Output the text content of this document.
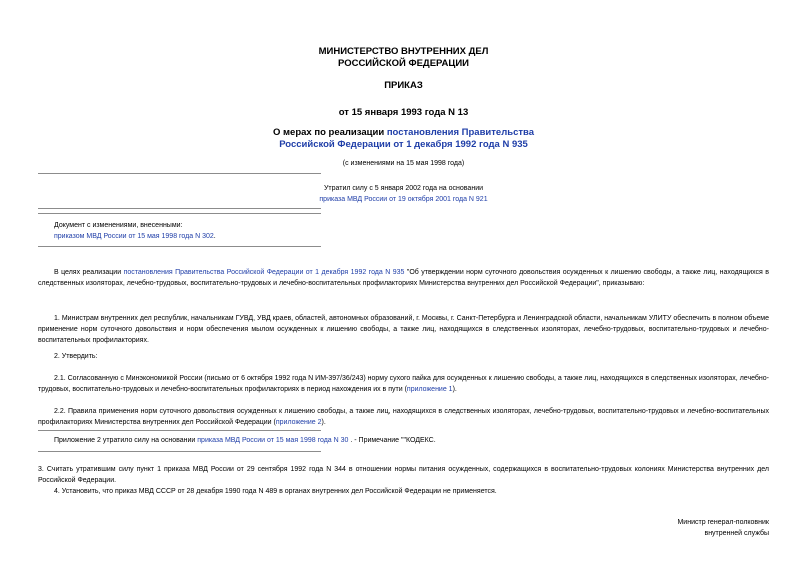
МИНИСТЕРСТВО ВНУТРЕННИХ ДЕЛ
РОССИЙСКОЙ ФЕДЕРАЦИИ
ПРИКАЗ
от 15 января 1993 года N 13
О мерах по реализации постановления Правительства
Российской Федерации от 1 декабря 1992 года N 935
(с изменениями на 15 мая 1998 года)
Утратил силу с 5 января 2002 года на основании
приказа МВД России от 19 октября 2001 года N 921
Документ с изменениями, внесенными:
приказом МВД России от 15 мая 1998 года N 302.
В целях реализации постановления Правительства Российской Федерации от 1 декабря 1992 года N 935 "Об утверждении норм суточного довольствия осужденных к лишению свободы, а также лиц, находящихся в следственных изоляторах, лечебно-трудовых, воспитательно-трудовых и лечебно-воспитательных профилакториях Министерства внутренних дел Российской Федерации", приказываю:
1. Министрам внутренних дел республик, начальникам ГУВД, УВД краев, областей, автономных образований, г. Москвы, г. Санкт-Петербурга и Ленинградской области, начальникам УЛИТУ обеспечить в полном объеме применение норм суточного довольствия и норм обеспечения мылом осужденных к лишению свободы, а также лиц, находящихся в следственных изоляторах, лечебно-трудовых, воспитательно-трудовых и лечебно-воспитательных профилакториях.
2. Утвердить:
2.1. Согласованную с Минэкономикой России (письмо от 6 октября 1992 года N ИМ-397/36/243) норму сухого пайка для осужденных к лишению свободы, а также лиц, находящихся в следственных изоляторах, лечебно-трудовых, воспитательно-трудовых и лечебно-воспитательных профилакториях в период нахождения их в пути (приложение 1).
2.2. Правила применения норм суточного довольствия осужденных к лишению свободы, а также лиц, находящихся в следственных изоляторах, лечебно-трудовых, воспитательно-трудовых и лечебно-воспитательных профилакториях Министерства внутренних дел Российской Федерации (приложение 2).
Приложение 2 утратило силу на основании приказа МВД России от 15 мая 1998 года N 30 . - Примечание ""КОДЕКС.
3. Считать утратившим силу пункт 1 приказа МВД России от 29 сентября 1992 года N 344 в отношении нормы питания осужденных, содержащихся в воспитательно-трудовых колониях Министерства внутренних дел Российской Федерации.
4. Установить, что приказ МВД СССР от 28 декабря 1990 года N 489 в органах внутренних дел Российской Федерации не применяется.
Министр генерал-полковник
внутренней службы
